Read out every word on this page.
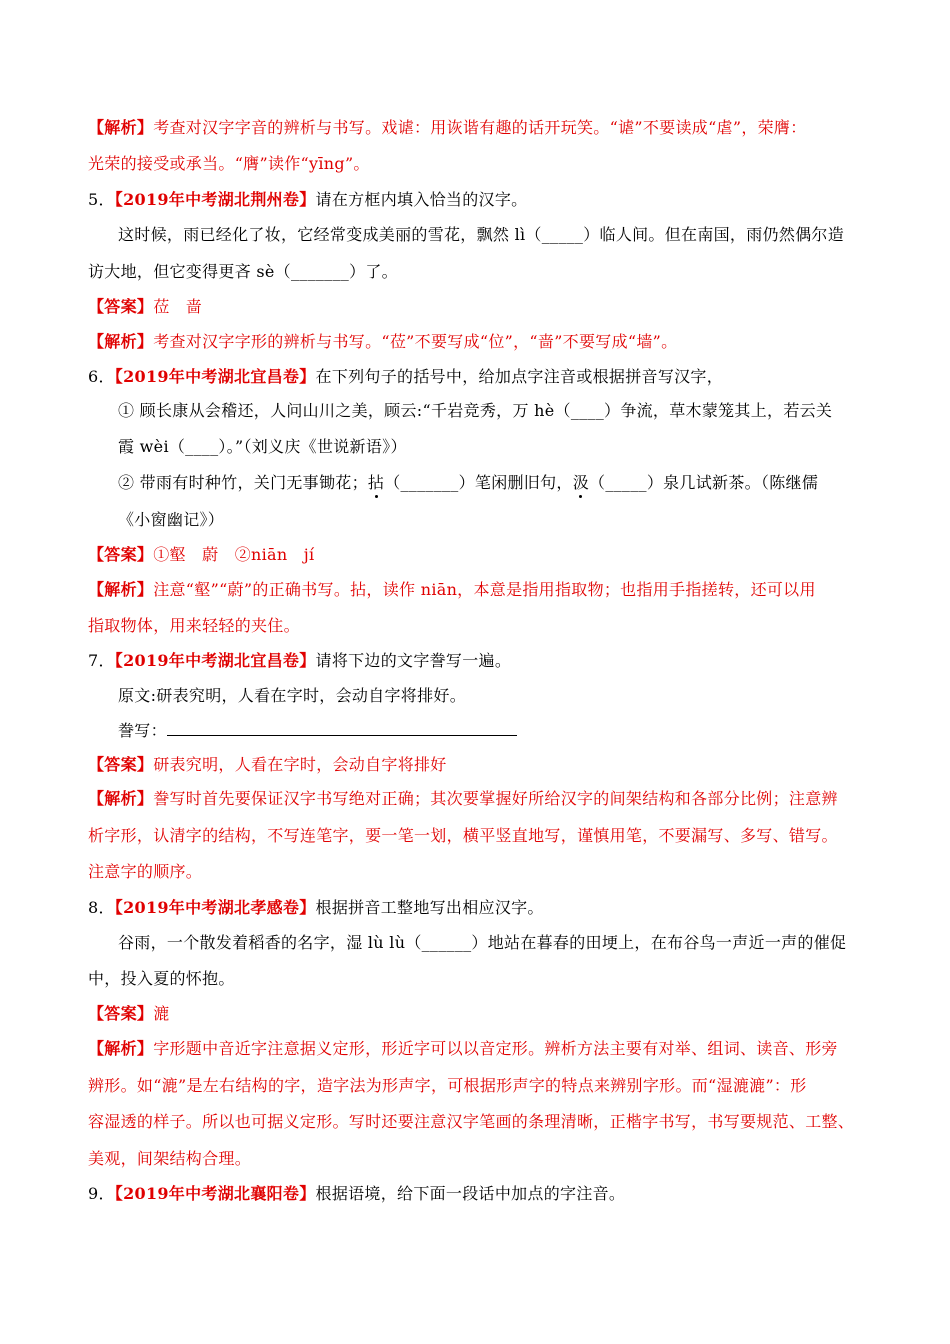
【解析】考查对汉字字音的辨析与书写。戏谑：用诙谐有趣的话开玩笑。“谑”不要读成“虐”，荣膺：
光荣的接受或承当。“膺”读作“yīng”。
5．【2019年中考湖北荆州卷】请在方框内填入恰当的汉字。
这时候，雨已经化了妆，它经常变成美丽的雪花，飘然 lì（_____）临人间。但在南国，雨仍然偶尔造
访大地，但它变得更吝 sè（_______）了。
【答案】莅　啬
【解析】考查对汉字字形的辨析与书写。“莅”不要写成“位”，“啬”不要写成“墙”。
6．【2019年中考湖北宜昌卷】在下列句子的括号中，给加点字注音或根据拼音写汉字，
① 顾长康从会稽还，人问山川之美，顾云:“千岩竞秀，万 hè（____）争流，草木蒙笼其上，若云关
霞 wèi（____）。”（刘义庆《世说新语》）
② 带雨有时种竹，关门无事锄花；拈（_______）笔闲删旧句，汲（_____）泉几试新茶。（陈继儒
《小窗幽记》）
【答案】①壑　蔚　②niān　jí
【解析】注意“壑”“蔚”的正确书写。拈，读作 niān，本意是指用指取物；也指用手指搓转，还可以用
指取物体，用来轻轻的夹住。
7．【2019年中考湖北宜昌卷】请将下边的文字誊写一遍。
原文:研表究明，人看在字时，会动自字将排好。
誊写：
【答案】研表究明，人看在字时，会动自字将排好
【解析】誊写时首先要保证汉字书写绝对正确；其次要掌握好所给汉字的间架结构和各部分比例；注意辨
析字形，认清字的结构，不写连笔字，要一笔一划，横平竖直地写，谨慎用笔，不要漏写、多写、错写。
注意字的顺序。
8．【2019年中考湖北孝感卷】根据拼音工整地写出相应汉字。
谷雨，一个散发着稻香的名字，湿 lù lù（______）地站在暮春的田埂上，在布谷鸟一声近一声的催促
中，投入夏的怀抱。
【答案】漉
【解析】字形题中音近字注意据义定形，形近字可以以音定形。辨析方法主要有对举、组词、读音、形旁
辨形。如“漉”是左右结构的字，造字法为形声字，可根据形声字的特点来辨别字形。而“湿漉漉”：形
容湿透的样子。所以也可据义定形。写时还要注意汉字笔画的条理清晰，正楷字书写，书写要规范、工整、
美观，间架结构合理。
9．【2019年中考湖北襄阳卷】根据语境，给下面一段话中加点的字注音。
